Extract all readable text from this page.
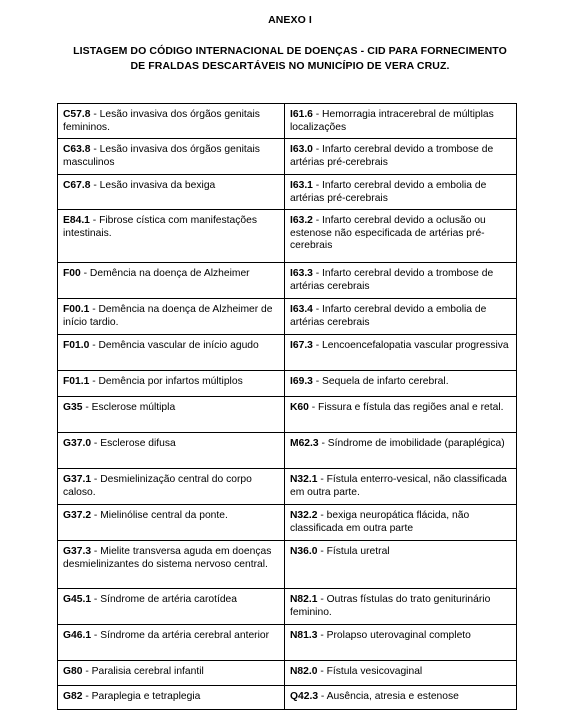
ANEXO I
LISTAGEM DO CÓDIGO INTERNACIONAL DE DOENÇAS - CID PARA FORNECIMENTO
DE FRALDAS DESCARTÁVEIS NO MUNICÍPIO DE VERA CRUZ.
C57.8 - Lesão invasiva dos órgãos genitais femininos.	I61.6 - Hemorragia intracerebral de múltiplas localizações
C63.8 - Lesão invasiva dos órgãos genitais masculinos	I63.0 - Infarto cerebral devido a trombose de artérias pré-cerebrais
C67.8 - Lesão invasiva da bexiga	I63.1 - Infarto cerebral devido a embolia de artérias pré-cerebrais
E84.1 - Fibrose cística com manifestações intestinais.	I63.2 - Infarto cerebral devido a oclusão ou estenose não especificada de artérias pré-cerebrais
F00 - Demência na doença de Alzheimer	I63.3 - Infarto cerebral devido a trombose de artérias cerebrais
F00.1 - Demência na doença de Alzheimer de início tardio.	I63.4 - Infarto cerebral devido a embolia de artérias cerebrais
F01.0 - Demência vascular de início agudo	I67.3 - Lencoencefalopatia vascular progressiva
F01.1 - Demência por infartos múltiplos	I69.3 - Sequela de infarto cerebral.
G35 - Esclerose múltipla	K60 - Fissura e fístula das regiões anal e retal.
G37.0 - Esclerose difusa	M62.3 - Síndrome de imobilidade (paraplégica)
G37.1 - Desmielinização central do corpo caloso.	N32.1 - Fístula enterro-vesical, não classificada em outra parte.
G37.2 - Mielinólise central da ponte.	N32.2 - bexiga neuropática flácida, não classificada em outra parte
G37.3 - Mielite transversa aguda em doenças desmielinizantes do sistema nervoso central.	N36.0 - Fístula uretral
G45.1 - Síndrome de artéria carotídea	N82.1 - Outras fístulas do trato geniturinário feminino.
G46.1 - Síndrome da artéria cerebral anterior	N81.3 - Prolapso uterovaginal completo
G80 - Paralisia cerebral infantil	N82.0 - Fístula vesicovaginal
G82 - Paraplegia e tetraplegia	Q42.3 - Ausência, atresia e estenose
